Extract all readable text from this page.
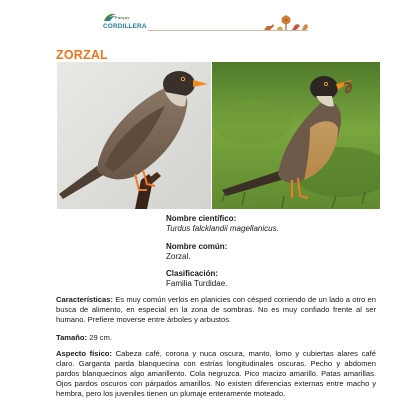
Parque
CORDILLERA
ZORZAL
Nombre científico:
Turdus falcklandii magellanicus.
Nombre común:
Zorzal.
Clasificación:
Familia Turdidae.
Características: Es muy común verlos en planicies con césped corriendo de un lado a otro en busca de alimento, en especial en la zona de sombras. No es muy confiado frente al ser humano. Prefiere moverse entre árboles y arbustos.
Tamaño: 29 cm.
Aspecto físico: Cabeza café, corona y nuca oscura, manto, lomo y cubiertas alares café claro. Garganta parda blanquecina con estrías longitudinales oscuras. Pecho y abdomen pardos blanquecinos algo amarillento. Cola negruzca. Pico macizo amarillo. Patas amarillas. Ojos pardos oscuros con párpados amarillos. No existen diferencias externas entre macho y hembra, pero los juveniles tienen un plumaje enteramente moteado.
